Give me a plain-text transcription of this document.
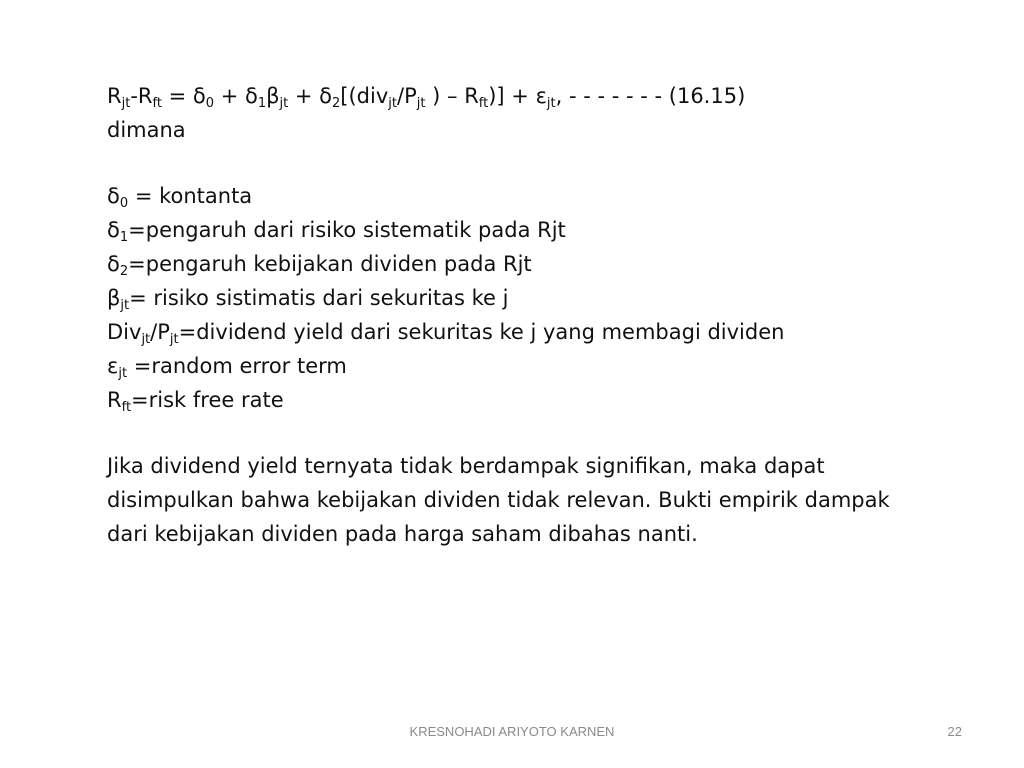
$R_{jt}-R_{ft} = \delta_0 + \delta_1\beta_{jt} + \delta_2[(div_{jt}/P_{jt}$ ) – $R_{ft})] + \varepsilon_{jt}$, - - - - - - - (16.15)
dimana
$\delta_0$ = kontanta
$\delta_1=pengaruh$ dari risiko sistematik pada Rjt
$\delta_2=pengaruh$ kebijakan dividen pada Rjt
$\beta_{jt}=$ risiko sistimatis dari sekuritas ke j
$Div_{jt}/P_{jt}=dividend$ yield dari sekuritas ke j yang membagi dividen
$\varepsilon_{jt}$ =random error term
$R_{ft}=risk$ free rate
Jika dividend yield ternyata tidak berdampak signifikan, maka dapat disimpulkan bahwa kebijakan dividen tidak relevan. Bukti empirik dampak dari kebijakan dividen pada harga saham dibahas nanti.
KRESNOHADI ARIYOTO KARNEN	22
